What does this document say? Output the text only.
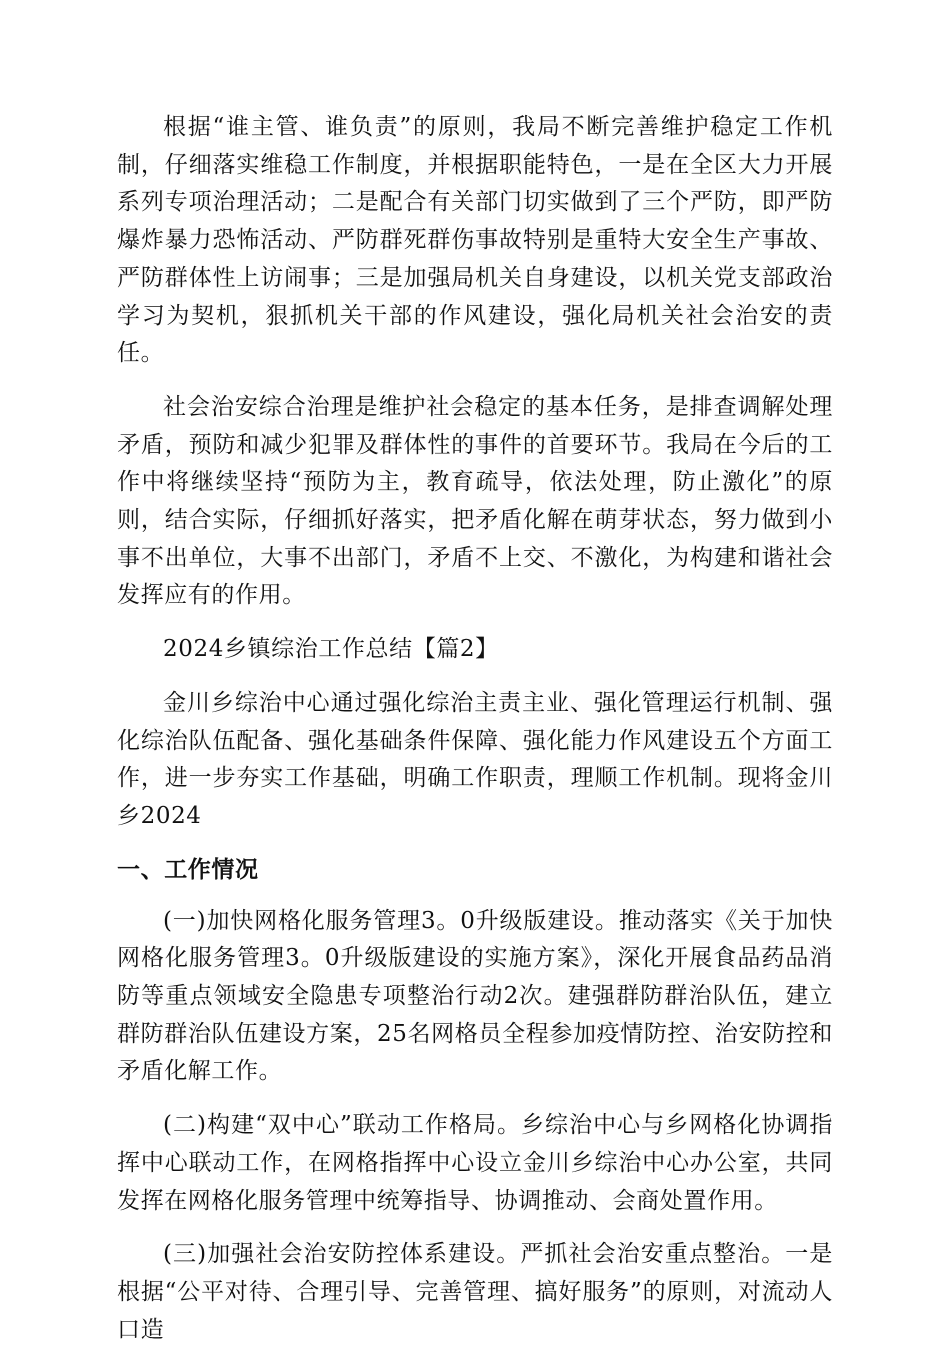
根据“谁主管、谁负责”的原则，我局不断完善维护稳定工作机制，仔细落实维稳工作制度，并根据职能特色，一是在全区大力开展系列专项治理活动；二是配合有关部门切实做到了三个严防，即严防爆炸暴力恐怖活动、严防群死群伤事故特别是重特大安全生产事故、严防群体性上访闹事；三是加强局机关自身建设，以机关党支部政治学习为契机，狠抓机关干部的作风建设，强化局机关社会治安的责任。

社会治安综合治理是维护社会稳定的基本任务，是排查调解处理矛盾，预防和减少犯罪及群体性的事件的首要环节。我局在今后的工作中将继续坚持“预防为主，教育疏导，依法处理，防止激化”的原则，结合实际，仔细抓好落实，把矛盾化解在萌芽状态，努力做到小事不出单位，大事不出部门，矛盾不上交、不激化，为构建和谐社会发挥应有的作用。

2024乡镇综治工作总结【篇2】

金川乡综治中心通过强化综治主责主业、强化管理运行机制、强化综治队伍配备、强化基础条件保障、强化能力作风建设五个方面工作，进一步夯实工作基础，明确工作职责，理顺工作机制。现将金川乡2024

一、工作情况

(一)加快网格化服务管理3。0升级版建设。推动落实《关于加快网格化服务管理3。0升级版建设的实施方案》，深化开展食品药品消防等重点领域安全隐患专项整治行动2次。建强群防群治队伍，建立群防群治队伍建设方案，25名网格员全程参加疫情防控、治安防控和矛盾化解工作。

(二)构建“双中心”联动工作格局。乡综治中心与乡网格化协调指挥中心联动工作，在网格指挥中心设立金川乡综治中心办公室，共同发挥在网格化服务管理中统筹指导、协调推动、会商处置作用。

(三)加强社会治安防控体系建设。严抓社会治安重点整治。一是根据“公平对待、合理引导、完善管理、搞好服务”的原则，对流动人口造
